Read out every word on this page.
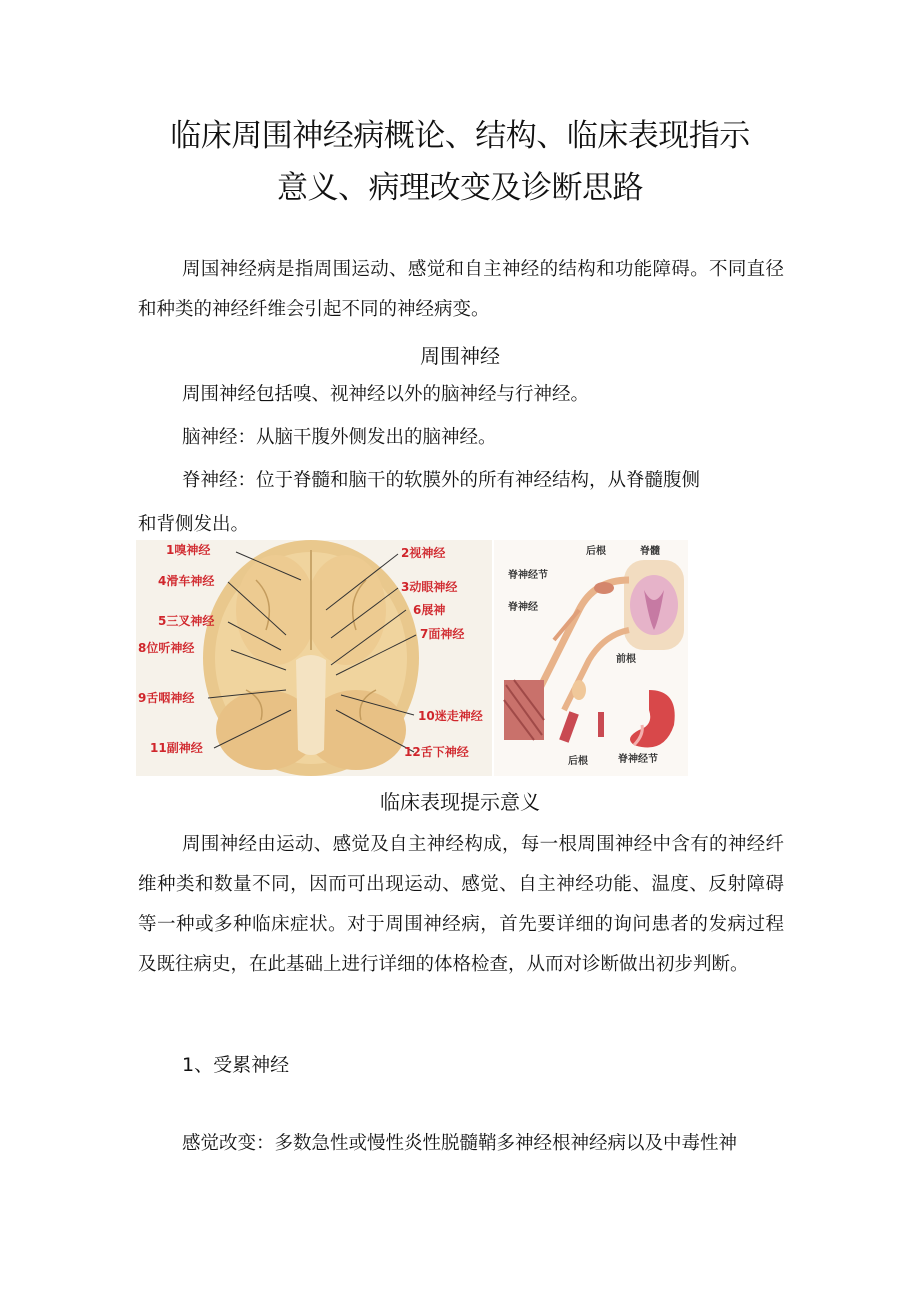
临床周围神经病概论、结构、临床表现指示
意义、病理改变及诊断思路

周国神经病是指周围运动、感觉和自主神经的结构和功能障碍。不同直径和种类的神经纤维会引起不同的神经病变。

周围神经

周围神经包括嗅、视神经以外的脑神经与行神经。

脑神经：从脑干腹外侧发出的脑神经。

脊神经：位于脊髓和脑干的软膜外的所有神经结构，从脊髓腹侧

和背侧发出。

1嗅神经
4滑车神经
5三叉神经
8位听神经
9舌咽神经
11副神经
2视神经
3动眼神经
6展神
7面神经
10迷走神经
12舌下神经
后根	脊髓
脊神经节
脊神经
前根
后根	脊神经节
临床表现提示意义

周围神经由运动、感觉及自主神经构成，每一根周围神经中含有的神经纤维种类和数量不同，因而可出现运动、感觉、自主神经功能、温度、反射障碍等一种或多种临床症状。对于周围神经病，首先要详细的询问患者的发病过程及既往病史，在此基础上进行详细的体格检查，从而对诊断做出初步判断。

1、受累神经

感觉改变：多数急性或慢性炎性脱髓鞘多神经根神经病以及中毒性神
